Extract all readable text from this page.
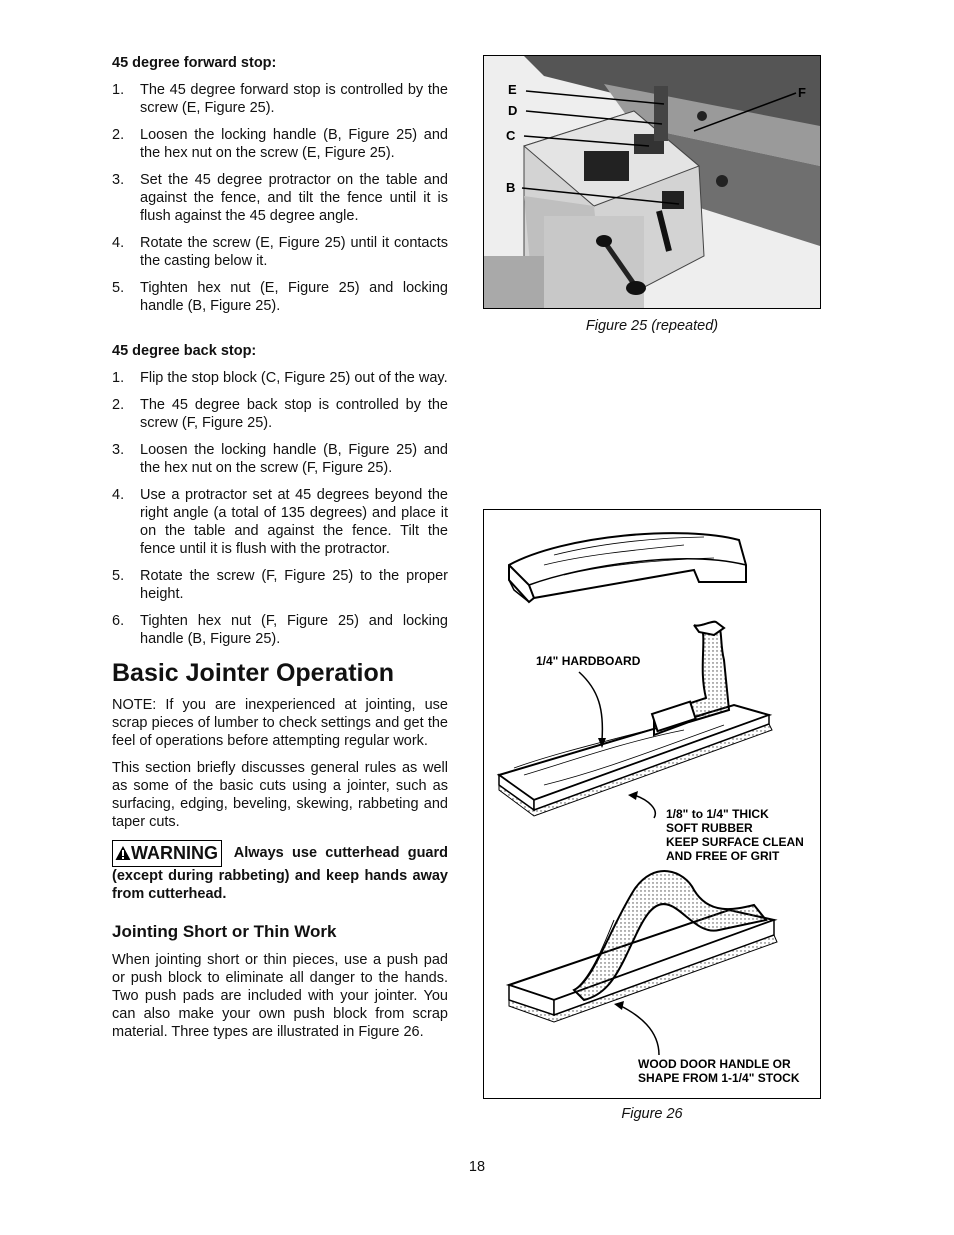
45 degree forward stop:
1. The 45 degree forward stop is controlled by the screw (E, Figure 25).
2. Loosen the locking handle (B, Figure 25) and the hex nut on the screw (E, Figure 25).
3. Set the 45 degree protractor on the table and against the fence, and tilt the fence until it is flush against the 45 degree angle.
4. Rotate the screw (E, Figure 25) until it contacts the casting below it.
5. Tighten hex nut (E, Figure 25) and locking handle (B, Figure 25).
45 degree back stop:
1. Flip the stop block (C, Figure 25) out of the way.
2. The 45 degree back stop is controlled by the screw (F, Figure 25).
3. Loosen the locking handle (B, Figure 25) and the hex nut on the screw (F, Figure 25).
4. Use a protractor set at 45 degrees beyond the right angle (a total of 135 degrees) and place it on the table and against the fence. Tilt the fence until it is flush with the protractor.
5. Rotate the screw (F, Figure 25) to the proper height.
6. Tighten hex nut (F, Figure 25) and locking handle (B, Figure 25).
Basic Jointer Operation

NOTE: If you are inexperienced at jointing, use scrap pieces of lumber to check settings and get the feel of operations before attempting regular work.

This section briefly discusses general rules as well as some of the basic cuts using a jointer, such as surfacing, edging, beveling, skewing, rabbeting and taper cuts.

WARNING Always use cutterhead guard (except during rabbeting) and keep hands away from cutterhead.
Jointing Short or Thin Work

When jointing short or thin pieces, use a push pad or push block to eliminate all danger to the hands. Two push pads are included with your jointer. You can also make your own push block from scrap material. Three types are illustrated in Figure 26.

E
D
C
B
F
Figure 25 (repeated)
1/4" HARDBOARD
1/8" to 1/4" THICK
SOFT RUBBER
KEEP SURFACE CLEAN
AND FREE OF GRIT
WOOD DOOR HANDLE OR
SHAPE FROM 1-1/4" STOCK
Figure 26
18
